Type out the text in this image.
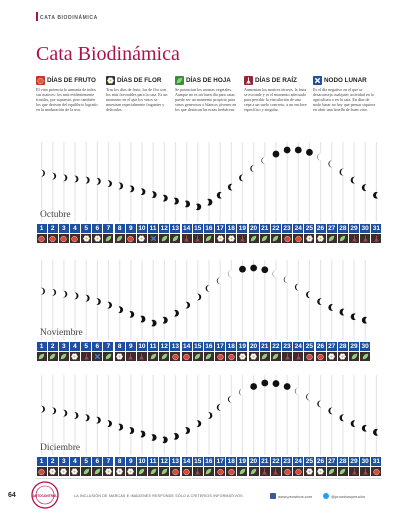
CATA BIODINÁMICA
Cata Biodinámica
DÍAS DE FRUTO
El vino potencia la armonía de todos sus matices: los más evidentemente frutales, por supuesto, pero también los que derivan del equilibrio logrado en la maduración de la uva.
DÍAS DE FLOR
Tras los días de fruto, los de flor son los más favorables para la cata. Es un momento en el que los vinos se muestran especialmente fragantes y delicados.
DÍAS DE HOJA
Se potencian los aromas vegetales. Aunque no es un buen día para catar, puede ser un momento propicio para vinos generosos o blancos jóvenes en los que destacan las notas herbáceas.
DÍAS DE RAÍZ
Aumentan los matices térreos, la fruta se esconde y es el momento adecuado para percibir la vinculación de una cepa a un suelo concreto, a un enclave específico y singular.
NODO LUNAR
Es el día negativo en el que se desaconseja cualquier actividad en la agricultura o en la cata. En días de nodo lunar no hay que pensar siquiera en abrir una botella de buen vino.
Octubre
1	2	3	4	5	6	7	8	9 10 11 12 13 14 15 16 17 18 19 20 21 22 23 24 25 26 27 28 29 30 31
Noviembre
1	2	3	4	5	6	7	8	9 10 11 12 13 14 15 16 17 18 19 20 21 22 23 24 25 26 27 28 29 30
Diciembre
1	2	3	4	5	6	7	8	9 10 11 12 13 14 15 16 17 18 19 20 21 22 23 24 25 26 27 28 29 30 31
AUTOCONTROL
64	LA INCLUSIÓN DE MARCAS E IMÁGENES RESPONDE SÓLO A CRITERIOS INFORMATIVOS	www.prowinos.com	@prowinosymucho
